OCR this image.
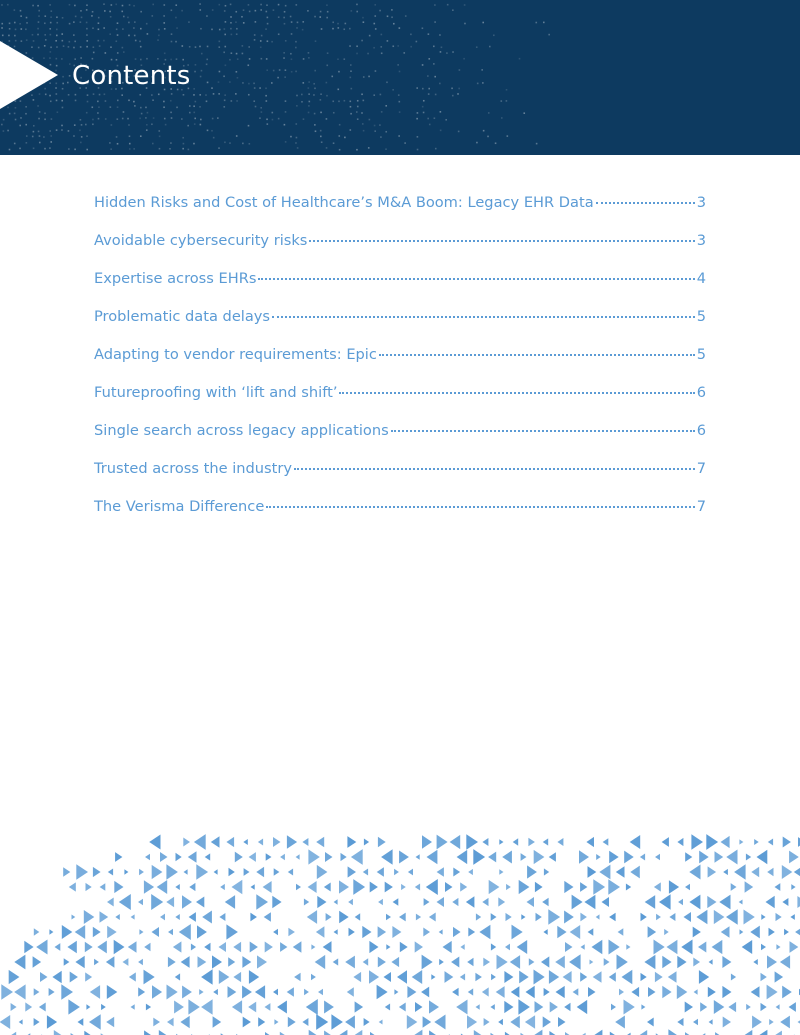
Contents
Hidden Risks and Cost of Healthcare’s M&A Boom: Legacy EHR Data	3
Avoidable cybersecurity risks	3
Expertise across EHRs	4
Problematic data delays	5
Adapting to vendor requirements: Epic	5
Futureproofing with ‘lift and shift’	6
Single search across legacy applications	6
Trusted across the industry	7
The Verisma Difference	7
